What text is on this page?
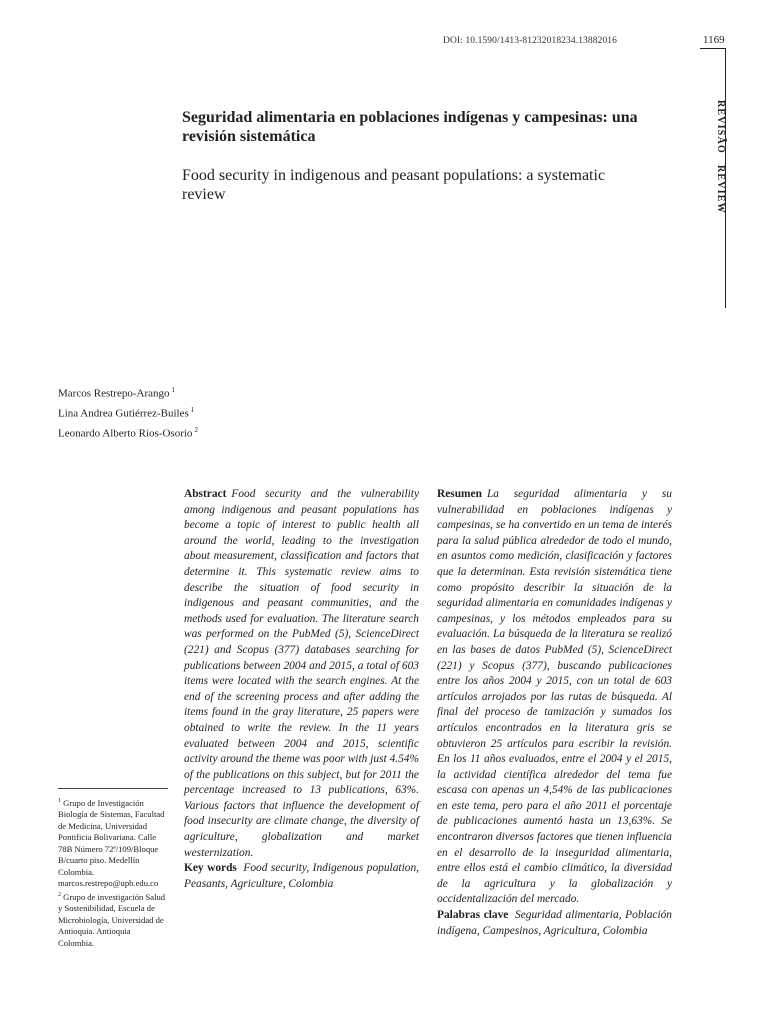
DOI: 10.1590/1413-81232018234.13882016	1169
REVISÃO REVIEW
Seguridad alimentaria en poblaciones indígenas y campesinas: una revisión sistemática
Food security in indigenous and peasant populations: a systematic review
Marcos Restrepo-Arango $^1$
Lina Andrea Gutiérrez-Builes $^1$
Leonardo Alberto Ríos-Osorio $^2$
$^1$ Grupo de Investigación Biología de Sistemas, Facultad de Medicina, Universidad Pontificia Bolivariana. Calle 78B Número 72ª/109/Bloque B/cuarto piso. Medellín Colombia. marcos.restrepo@upb.edu.co
$^2$ Grupo de investigación Salud y Sostenibilidad, Escuela de Microbiología, Universidad de Antioquia. Antioquia Colombia.
Abstract Food security and the vulnerability among indigenous and peasant populations has become a topic of interest to public health all around the world, leading to the investigation about measurement, classification and factors that determine it. This systematic review aims to describe the situation of food security in indigenous and peasant communities, and the methods used for evaluation. The literature search was performed on the PubMed (5), ScienceDirect (221) and Scopus (377) databases searching for publications between 2004 and 2015, a total of 603 items were located with the search engines. At the end of the screening process and after adding the items found in the gray literature, 25 papers were obtained to write the review. In the 11 years evaluated between 2004 and 2015, scientific activity around the theme was poor with just 4.54% of the publications on this subject, but for 2011 the percentage increased to 13 publications, 63%. Various factors that influence the development of food insecurity are climate change, the diversity of agriculture, globalization and market westernization.
Key words Food security, Indigenous population, Peasants, Agriculture, Colombia
Resumen La seguridad alimentaria y su vulnerabilidad en poblaciones indígenas y campesinas, se ha convertido en un tema de interés para la salud pública alrededor de todo el mundo, en asuntos como medición, clasificación y factores que la determinan. Esta revisión sistemática tiene como propósito describir la situación de la seguridad alimentaria en comunidades indígenas y campesinas, y los métodos empleados para su evaluación. La búsqueda de la literatura se realizó en las bases de datos PubMed (5), ScienceDirect (221) y Scopus (377), buscando publicaciones entre los años 2004 y 2015, con un total de 603 artículos arrojados por las rutas de búsqueda. Al final del proceso de tamización y sumados los artículos encontrados en la literatura gris se obtuvieron 25 artículos para escribir la revisión. En los 11 años evaluados, entre el 2004 y el 2015, la actividad científica alrededor del tema fue escasa con apenas un 4,54% de las publicaciones en este tema, pero para el año 2011 el porcentaje de publicaciones aumentó hasta un 13,63%. Se encontraron diversos factores que tienen influencia en el desarrollo de la inseguridad alimentaria, entre ellos está el cambio climático, la diversidad de la agricultura y la globalización y occidentalización del mercado.
Palabras clave Seguridad alimentaria, Población indígena, Campesinos, Agricultura, Colombia
